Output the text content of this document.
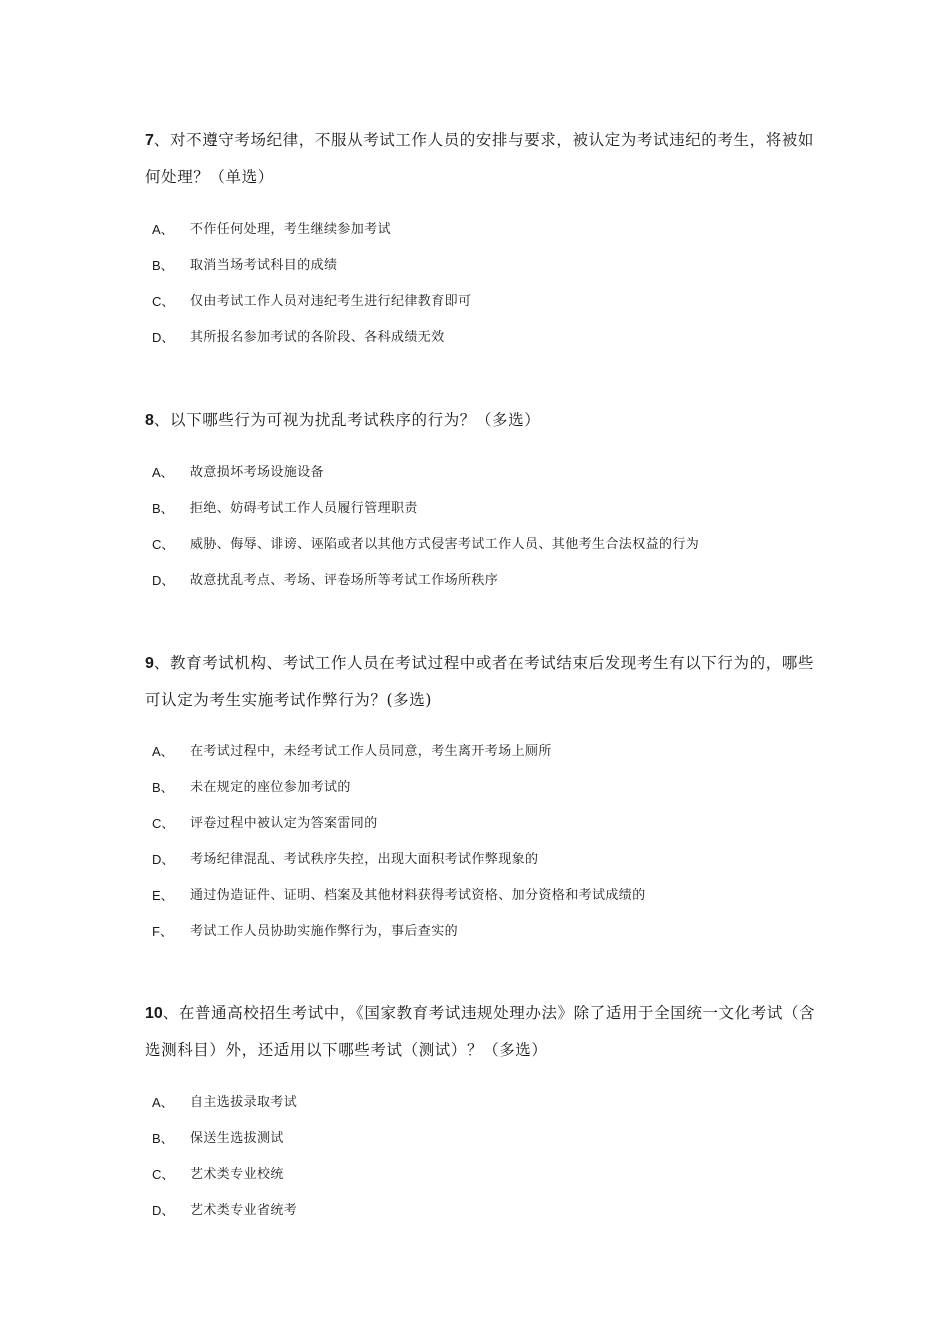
7、对不遵守考场纪律，不服从考试工作人员的安排与要求，被认定为考试违纪的考生，将被如何处理？（单选）

A、 不作任何处理，考生继续参加考试
B、 取消当场考试科目的成绩
C、 仅由考试工作人员对违纪考生进行纪律教育即可
D、 其所报名参加考试的各阶段、各科成绩无效

8、以下哪些行为可视为扰乱考试秩序的行为？（多选）

A、 故意损坏考场设施设备
B、 拒绝、妨碍考试工作人员履行管理职责
C、 威胁、侮辱、诽谤、诬陷或者以其他方式侵害考试工作人员、其他考生合法权益的行为
D、 故意扰乱考点、考场、评卷场所等考试工作场所秩序

9、教育考试机构、考试工作人员在考试过程中或者在考试结束后发现考生有以下行为的，哪些可认定为考生实施考试作弊行为？(多选)

A、 在考试过程中，未经考试工作人员同意，考生离开考场上厕所
B、 未在规定的座位参加考试的
C、 评卷过程中被认定为答案雷同的
D、 考场纪律混乱、考试秩序失控，出现大面积考试作弊现象的
E、 通过伪造证件、证明、档案及其他材料获得考试资格、加分资格和考试成绩的
F、 考试工作人员协助实施作弊行为，事后查实的

10、在普通高校招生考试中，《国家教育考试违规处理办法》除了适用于全国统一文化考试（含选测科目）外，还适用以下哪些考试（测试）？（多选）

A、 自主选拔录取考试
B、 保送生选拔测试
C、 艺术类专业校统
D、 艺术类专业省统考
